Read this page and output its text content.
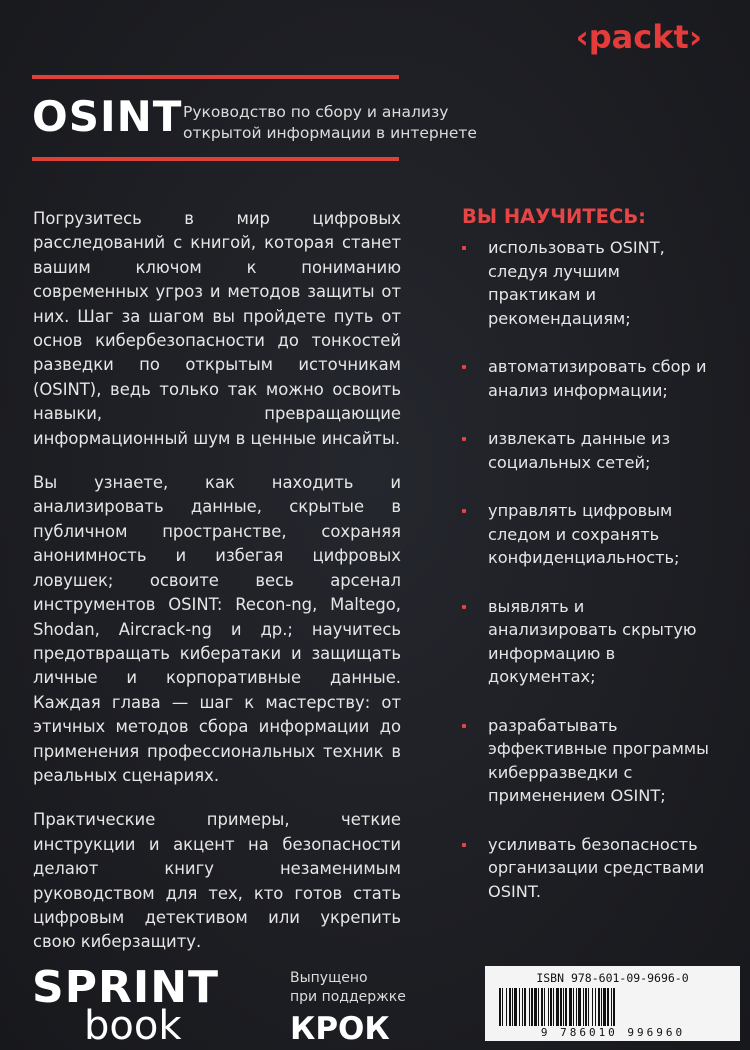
‹packt›
OSINT Руководство по сбору и анализу
открытой информации в интернете

Погрузитесь в мир цифровых расследований с книгой, которая станет вашим ключом к пониманию современных угроз и методов защиты от них. Шаг за шагом вы пройдете путь от основ кибербезопасности до тонкостей разведки по открытым источникам (OSINT), ведь только так можно освоить навыки, превращающие информационный шум в ценные инсайты.

Вы узнаете, как находить и анализировать данные, скрытые в публичном пространстве, сохраняя анонимность и избегая цифровых ловушек; освоите весь арсенал инструментов OSINT: Recon-ng, Maltego, Shodan, Aircrack-ng и др.; научитесь предотвращать кибератаки и защищать личные и корпоративные данные. Каждая глава — шаг к мастерству: от этичных методов сбора информации до применения профессиональных техник в реальных сценариях.

Практические примеры, четкие инструкции и акцент на безопасности делают книгу незаменимым руководством для тех, кто готов стать цифровым детективом или укрепить свою киберзащиту.

ВЫ НАУЧИТЕСЬ:
использовать OSINT, следуя лучшим практикам и рекомендациям;
автоматизировать сбор и анализ информации;
извлекать данные из социальных сетей;
управлять цифровым следом и сохранять конфиденциальность;
выявлять и анализировать скрытую информацию в документах;
разрабатывать эффективные программы киберразведки с применением OSINT;
усиливать безопасность организации средствами OSINT.
SPRINT
book
Выпущено
при поддержке
КРОК
ISBN 978-601-09-9696-0
9 786010 996960
